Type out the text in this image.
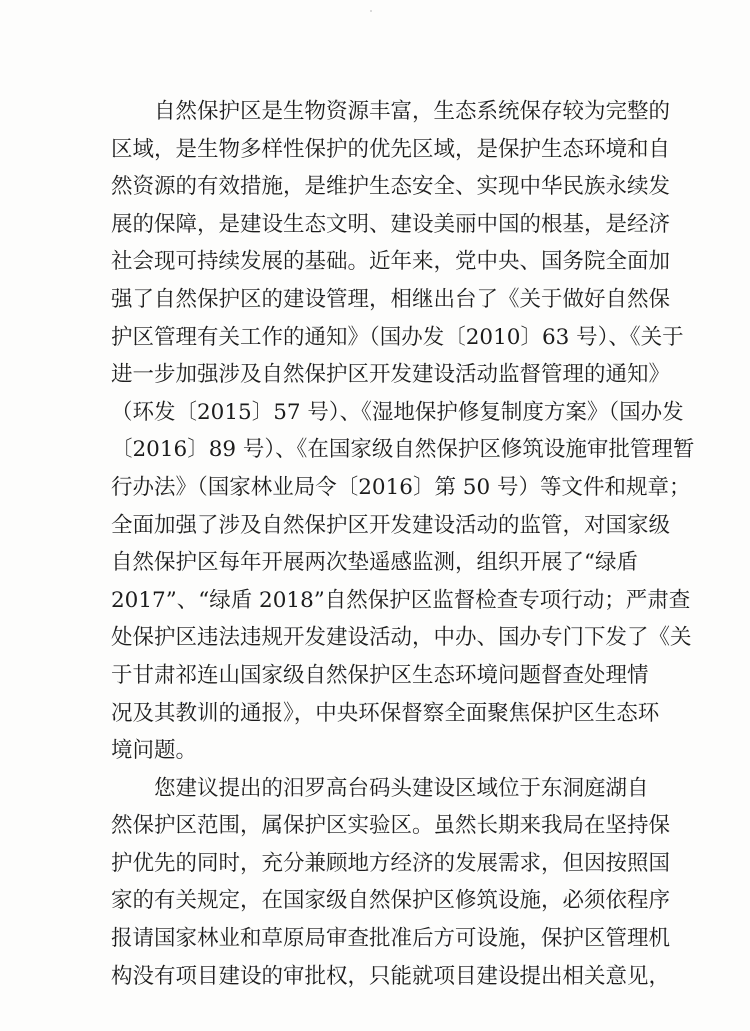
自然保护区是生物资源丰富，生态系统保存较为完整的
区域，是生物多样性保护的优先区域，是保护生态环境和自
然资源的有效措施，是维护生态安全、实现中华民族永续发
展的保障，是建设生态文明、建设美丽中国的根基，是经济
社会现可持续发展的基础。近年来，党中央、国务院全面加
强了自然保护区的建设管理，相继出台了《关于做好自然保
护区管理有关工作的通知》（国办发〔2010〕63 号）、《关于
进一步加强涉及自然保护区开发建设活动监督管理的通知》
（环发〔2015〕57 号）、《湿地保护修复制度方案》（国办发
〔2016〕89 号）、《在国家级自然保护区修筑设施审批管理暂
行办法》（国家林业局令〔2016〕第 50 号）等文件和规章；
全面加强了涉及自然保护区开发建设活动的监管，对国家级
自然保护区每年开展两次垫遥感监测，组织开展了“绿盾
2017”、“绿盾 2018”自然保护区监督检查专项行动；严肃查
处保护区违法违规开发建设活动，中办、国办专门下发了《关
于甘肃祁连山国家级自然保护区生态环境问题督查处理情
况及其教训的通报》，中央环保督察全面聚焦保护区生态环
境问题。
您建议提出的汨罗高台码头建设区域位于东洞庭湖自
然保护区范围，属保护区实验区。虽然长期来我局在坚持保
护优先的同时，充分兼顾地方经济的发展需求，但因按照国
家的有关规定，在国家级自然保护区修筑设施，必须依程序
报请国家林业和草原局审查批准后方可设施，保护区管理机
构没有项目建设的审批权，只能就项目建设提出相关意见，
